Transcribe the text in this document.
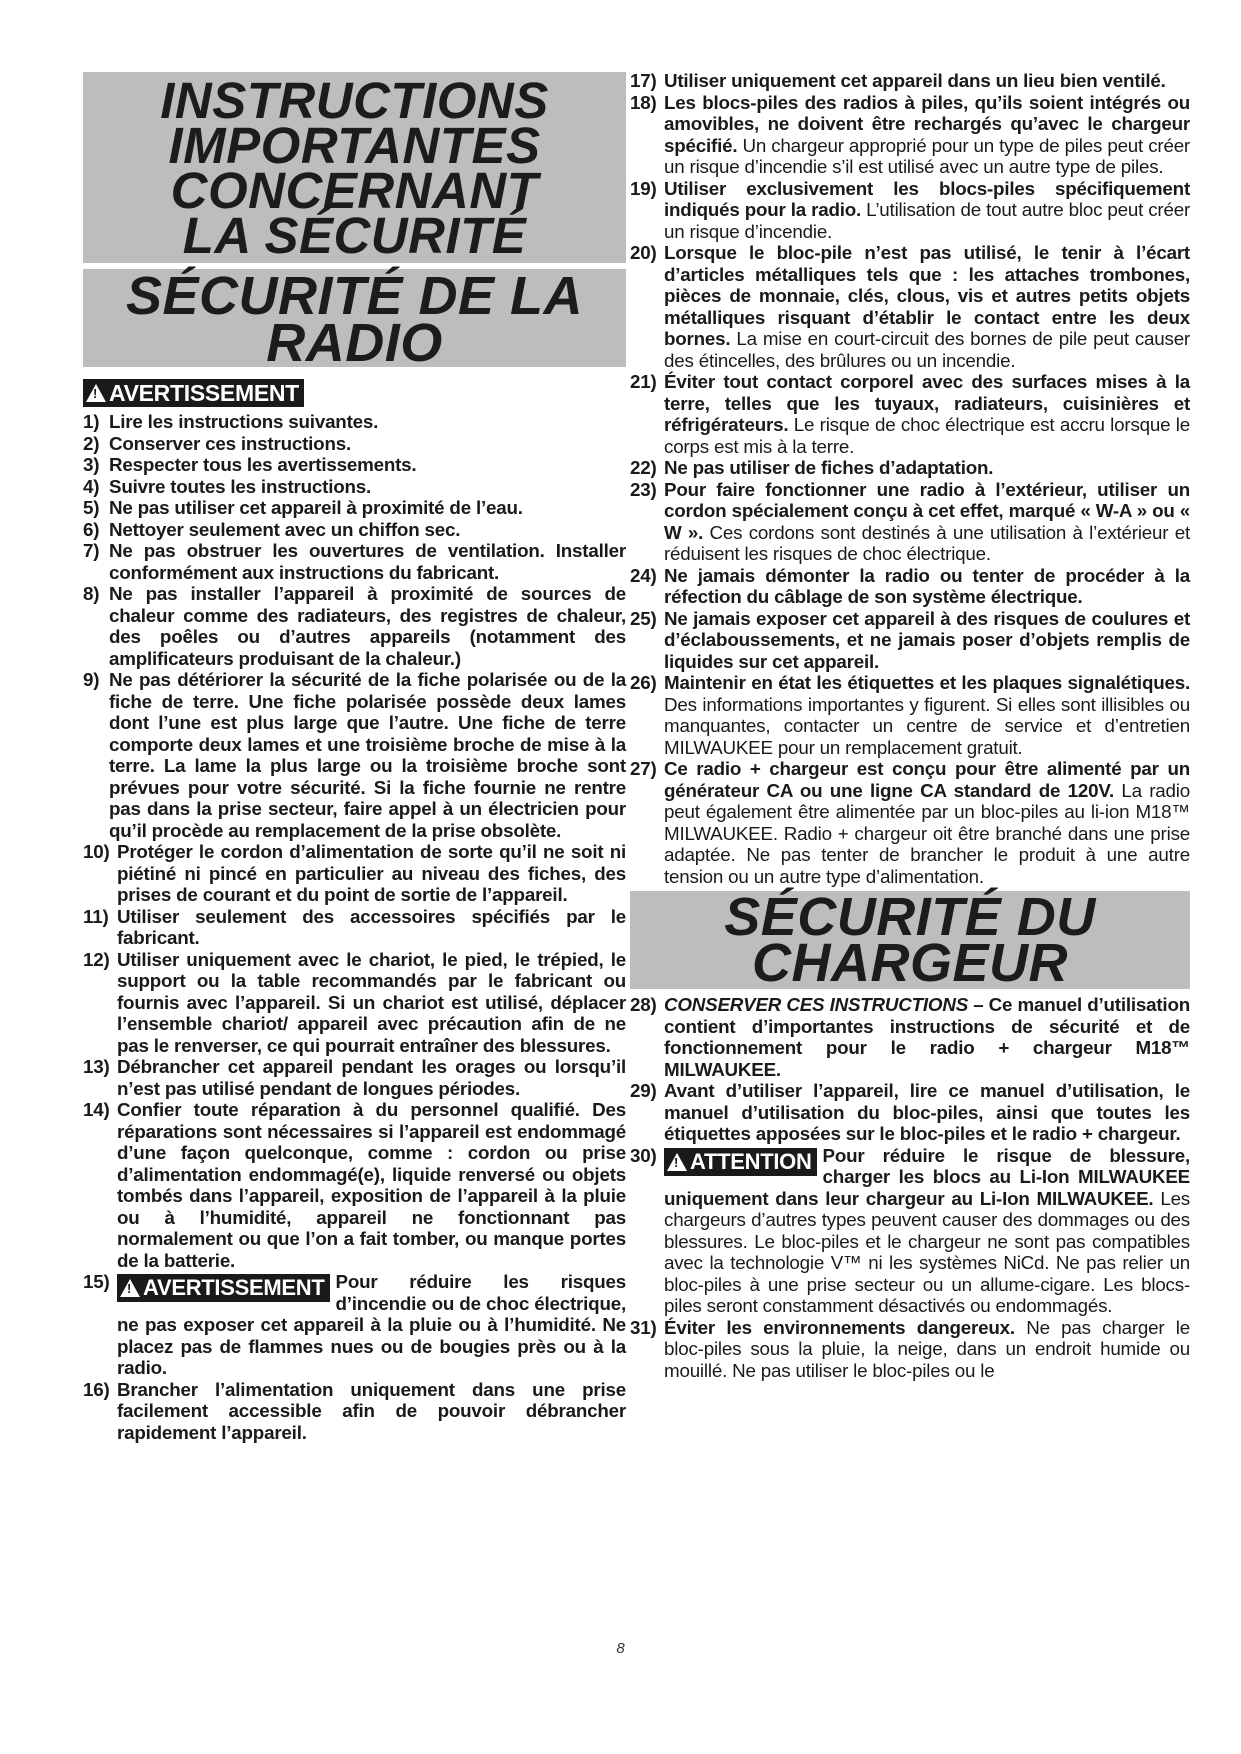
INSTRUCTIONS
IMPORTANTES
CONCERNANT
LA SÉCURITÉ
SÉCURITÉ DE LA
RADIO
!
AVERTISSEMENT
1) Lire les instructions suivantes.
2) Conserver ces instructions.
3) Respecter tous les avertissements.
4) Suivre toutes les instructions.
5) Ne pas utiliser cet appareil à proximité de l’eau.
6) Nettoyer seulement avec un chiffon sec.
7) Ne pas obstruer les ouvertures de ventilation. Installer conformément aux instructions du fabricant.
8) Ne pas installer l’appareil à proximité de sources de chaleur comme des radiateurs, des registres de chaleur, des poêles ou d’autres appareils (notamment des amplificateurs produisant de la chaleur.)
9) Ne pas détériorer la sécurité de la fiche polarisée ou de la fiche de terre. Une fiche polarisée possède deux lames dont l’une est plus large que l’autre. Une fiche de terre comporte deux lames et une troisième broche de mise à la terre. La lame la plus large ou la troisième broche sont prévues pour votre sécurité. Si la fiche fournie ne rentre pas dans la prise secteur, faire appel à un électricien pour qu’il procède au remplacement de la prise obsolète.
10) Protéger le cordon d’alimentation de sorte qu’il ne soit ni piétiné ni pincé en particulier au niveau des fiches, des prises de courant et du point de sortie de l’appareil.
11) Utiliser seulement des accessoires spécifiés par le fabricant.
12) Utiliser uniquement avec le chariot, le pied, le trépied, le support ou la table recommandés par le fabricant ou fournis avec l’appareil. Si un chariot est utilisé, déplacer l’ensemble chariot/ appareil avec précaution afin de ne pas le renverser, ce qui pourrait entraîner des blessures.
13) Débrancher cet appareil pendant les orages ou lorsqu’il n’est pas utilisé pendant de longues périodes.
14) Confier toute réparation à du personnel qualifié. Des réparations sont nécessaires si l’appareil est endommagé d’une façon quelconque, comme : cordon ou prise d’alimentation endommagé(e), liquide renversé ou objets tombés dans l’appareil, exposition de l’appareil à la pluie ou à l’humidité, appareil ne fonctionnant pas normalement ou que l’on a fait tomber, ou manque portes de la batterie.
15) !	AVERTISSEMENT Pour réduire les risques d’incendie ou de choc électrique, ne pas exposer cet appareil à la pluie ou à l’humidité. Ne placez pas de flammes nues ou de bougies près ou à la radio.
16) Brancher l’alimentation uniquement dans une prise facilement accessible afin de pouvoir débrancher rapidement l’appareil.
17) Utiliser uniquement cet appareil dans un lieu bien ventilé.
18) Les blocs-piles des radios à piles, qu’ils soient intégrés ou amovibles, ne doivent être rechargés qu’avec le chargeur spécifié. Un chargeur approprié pour un type de piles peut créer un risque d’incendie s’il est utilisé avec un autre type de piles.
19) Utiliser exclusivement les blocs-piles spécifiquement indiqués pour la radio. L’utilisation de tout autre bloc peut créer un risque d’incendie.
20) Lorsque le bloc-pile n’est pas utilisé, le tenir à l’écart d’articles métalliques tels que : les attaches trombones, pièces de monnaie, clés, clous, vis et autres petits objets métalliques risquant d’établir le contact entre les deux bornes. La mise en court-circuit des bornes de pile peut causer des étincelles, des brûlures ou un incendie.
21) Éviter tout contact corporel avec des surfaces mises à la terre, telles que les tuyaux, radiateurs, cuisinières et réfrigérateurs. Le risque de choc électrique est accru lorsque le corps est mis à la terre.
22) Ne pas utiliser de fiches d’adaptation.
23) Pour faire fonctionner une radio à l’extérieur, utiliser un cordon spécialement conçu à cet effet, marqué « W-A » ou « W ». Ces cordons sont destinés à une utilisation à l’extérieur et réduisent les risques de choc électrique.
24) Ne jamais démonter la radio ou tenter de procéder à la réfection du câblage de son système électrique.
25) Ne jamais exposer cet appareil à des risques de coulures et d’éclaboussements, et ne jamais poser d’objets remplis de liquides sur cet appareil.
26) Maintenir en état les étiquettes et les plaques signalétiques. Des informations importantes y figurent. Si elles sont illisibles ou manquantes, contacter un centre de service et d’entretien MILWAUKEE pour un remplacement gratuit.
27) Ce radio + chargeur est conçu pour être alimenté par un générateur CA ou une ligne CA standard de 120V. La radio peut également être alimentée par un bloc-piles au li-ion M18™ MILWAUKEE. Radio + chargeur oit être branché dans une prise adaptée. Ne pas tenter de brancher le produit à une autre tension ou un autre type d’alimentation.
SÉCURITÉ DU
CHARGEUR
28) CONSERVER CES INSTRUCTIONS – Ce manuel d’utilisation contient d’importantes instructions de sécurité et de fonctionnement pour le radio + chargeur M18™ MILWAUKEE.
29) Avant d’utiliser l’appareil, lire ce manuel d’utilisation, le manuel d’utilisation du bloc-piles, ainsi que toutes les étiquettes apposées sur le bloc-piles et le radio + chargeur.
30) !	ATTENTION Pour réduire le risque de blessure, charger les blocs au Li-Ion MILWAUKEE uniquement dans leur chargeur au Li-Ion MILWAUKEE. Les chargeurs d’autres types peuvent causer des dommages ou des blessures. Le bloc-piles et le chargeur ne sont pas compatibles avec la technologie V™ ni les systèmes NiCd. Ne pas relier un bloc-piles à une prise secteur ou un allume-cigare. Les blocs-piles seront constamment désactivés ou endommagés.
31) Éviter les environnements dangereux. Ne pas charger le bloc-piles sous la pluie, la neige, dans un endroit humide ou mouillé. Ne pas utiliser le bloc-piles ou le
8
